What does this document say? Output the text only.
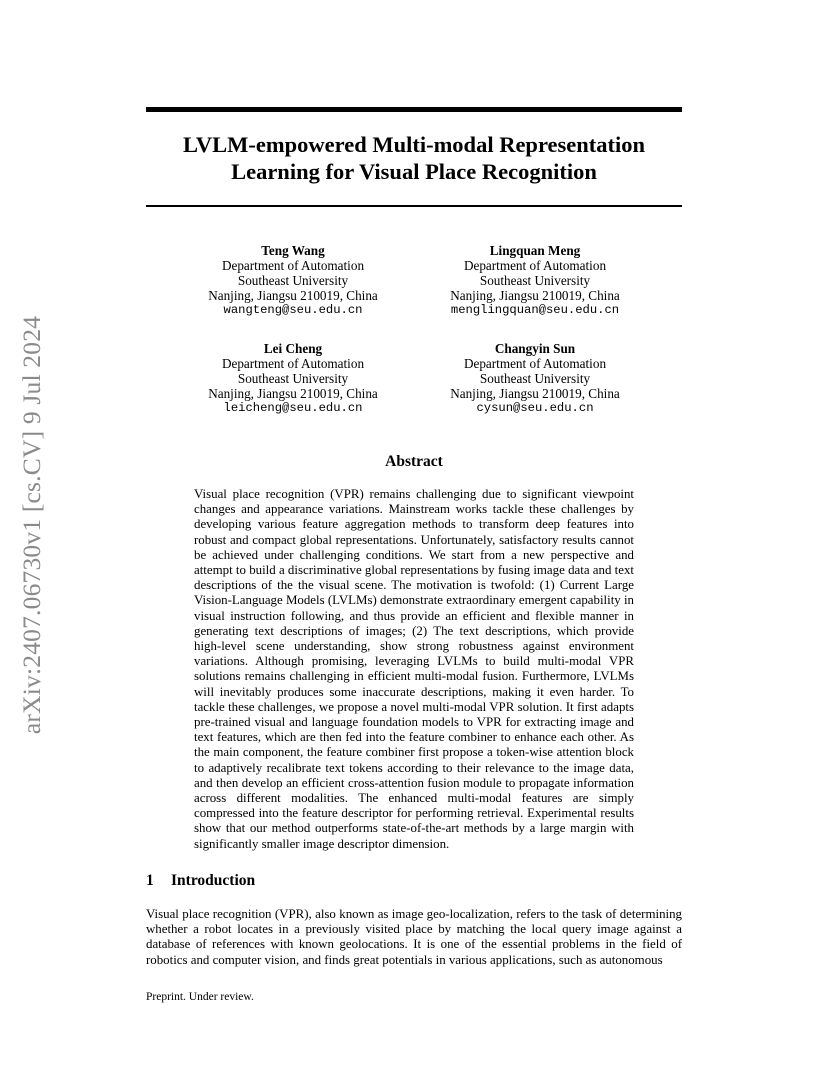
arXiv:2407.06730v1 [cs.CV] 9 Jul 2024
LVLM-empowered Multi-modal Representation
Learning for Visual Place Recognition
Teng Wang
Department of Automation
Southeast University
Nanjing, Jiangsu 210019, China
wangteng@seu.edu.cn
Lingquan Meng
Department of Automation
Southeast University
Nanjing, Jiangsu 210019, China
menglingquan@seu.edu.cn
Lei Cheng
Department of Automation
Southeast University
Nanjing, Jiangsu 210019, China
leicheng@seu.edu.cn
Changyin Sun
Department of Automation
Southeast University
Nanjing, Jiangsu 210019, China
cysun@seu.edu.cn
Abstract
Visual place recognition (VPR) remains challenging due to significant viewpoint changes and appearance variations. Mainstream works tackle these challenges by developing various feature aggregation methods to transform deep features into robust and compact global representations. Unfortunately, satisfactory results cannot be achieved under challenging conditions. We start from a new perspective and attempt to build a discriminative global representations by fusing image data and text descriptions of the the visual scene. The motivation is twofold: (1) Current Large Vision-Language Models (LVLMs) demonstrate extraordinary emergent capability in visual instruction following, and thus provide an efficient and flexible manner in generating text descriptions of images; (2) The text descriptions, which provide high-level scene understanding, show strong robustness against environment variations. Although promising, leveraging LVLMs to build multi-modal VPR solutions remains challenging in efficient multi-modal fusion. Furthermore, LVLMs will inevitably produces some inaccurate descriptions, making it even harder. To tackle these challenges, we propose a novel multi-modal VPR solution. It first adapts pre-trained visual and language foundation models to VPR for extracting image and text features, which are then fed into the feature combiner to enhance each other. As the main component, the feature combiner first propose a token-wise attention block to adaptively recalibrate text tokens according to their relevance to the image data, and then develop an efficient cross-attention fusion module to propagate information across different modalities. The enhanced multi-modal features are simply compressed into the feature descriptor for performing retrieval. Experimental results show that our method outperforms state-of-the-art methods by a large margin with significantly smaller image descriptor dimension.
1 Introduction
Visual place recognition (VPR), also known as image geo-localization, refers to the task of determining whether a robot locates in a previously visited place by matching the local query image against a database of references with known geolocations. It is one of the essential problems in the field of robotics and computer vision, and finds great potentials in various applications, such as autonomous
Preprint. Under review.
